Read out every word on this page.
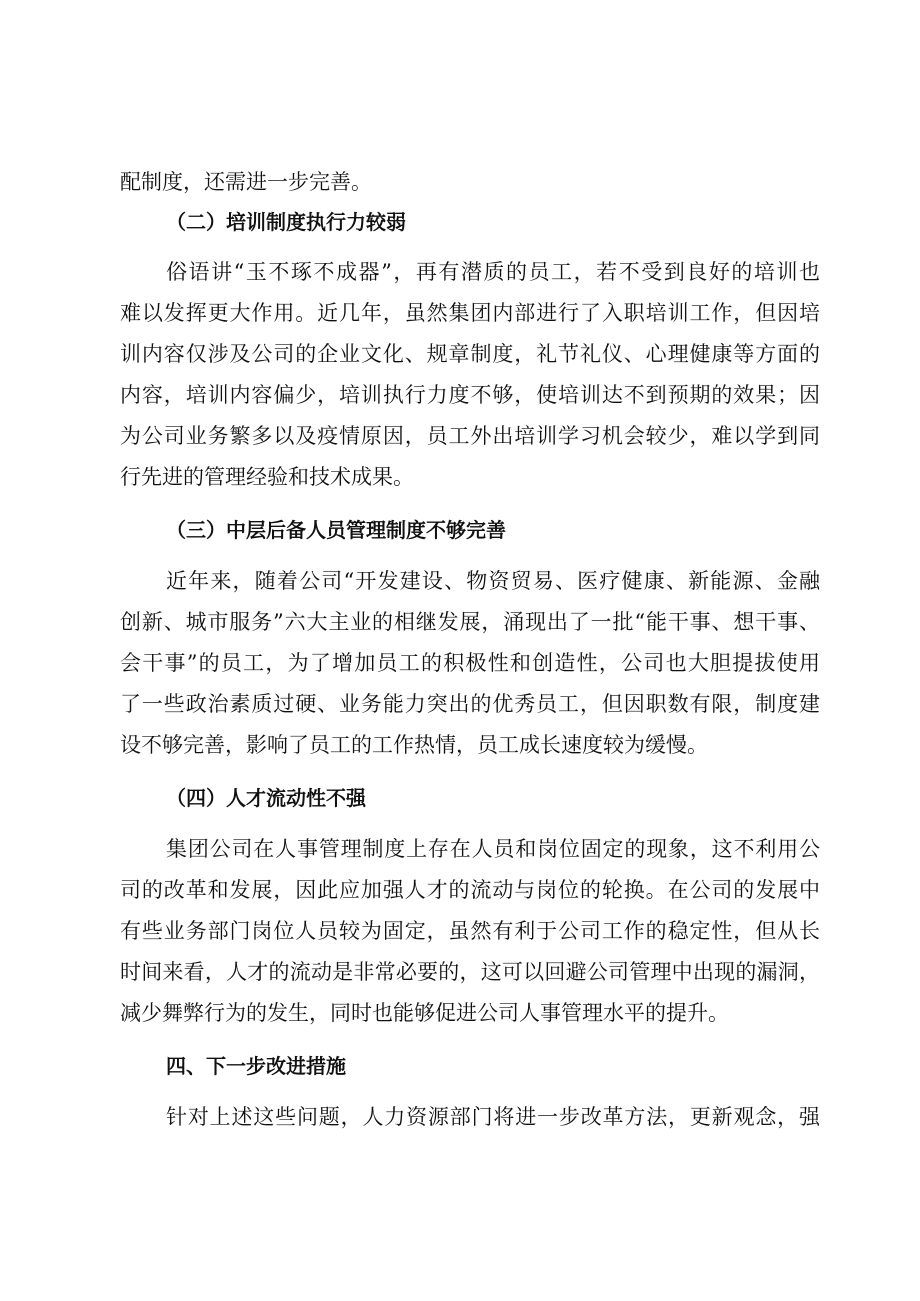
配制度，还需进一步完善。
（二）培训制度执行力较弱
俗语讲“玉不琢不成器”，再有潜质的员工，若不受到良好的培训也
难以发挥更大作用。近几年，虽然集团内部进行了入职培训工作，但因培
训内容仅涉及公司的企业文化、规章制度，礼节礼仪、心理健康等方面的
内容，培训内容偏少，培训执行力度不够，使培训达不到预期的效果；因
为公司业务繁多以及疫情原因，员工外出培训学习机会较少，难以学到同
行先进的管理经验和技术成果。
（三）中层后备人员管理制度不够完善
近年来，随着公司“开发建设、物资贸易、医疗健康、新能源、金融
创新、城市服务”六大主业的相继发展，涌现出了一批“能干事、想干事、
会干事”的员工，为了增加员工的积极性和创造性，公司也大胆提拔使用
了一些政治素质过硬、业务能力突出的优秀员工，但因职数有限，制度建
设不够完善，影响了员工的工作热情，员工成长速度较为缓慢。
（四）人才流动性不强
集团公司在人事管理制度上存在人员和岗位固定的现象，这不利用公
司的改革和发展，因此应加强人才的流动与岗位的轮换。在公司的发展中
有些业务部门岗位人员较为固定，虽然有利于公司工作的稳定性，但从长
时间来看，人才的流动是非常必要的，这可以回避公司管理中出现的漏洞，
减少舞弊行为的发生，同时也能够促进公司人事管理水平的提升。
四、下一步改进措施
针对上述这些问题，人力资源部门将进一步改革方法，更新观念，强
